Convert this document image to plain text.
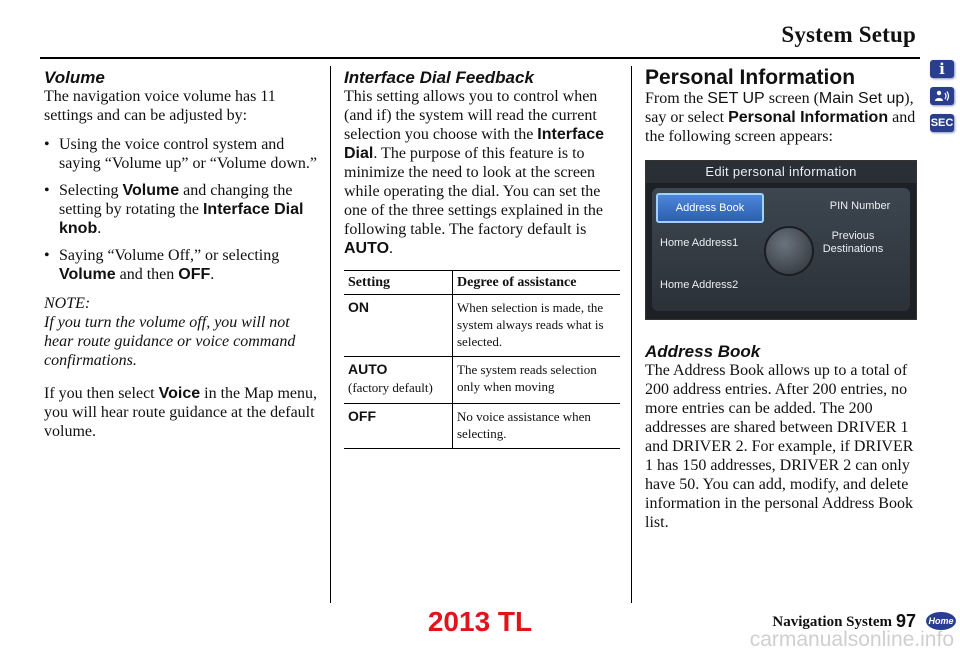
System Setup
i
SEC
Volume

The navigation voice volume has 11 settings and can be adjusted by:

• Using the voice control system and saying “Volume up” or “Volume down.”
• Selecting Volume and changing the setting by rotating the Interface Dial knob.
• Saying “Volume Off,” or selecting Volume and then OFF.

NOTE:

If you turn the volume off, you will not hear route guidance or voice command confirmations.

If you then select Voice in the Map menu, you will hear route guidance at the default volume.

Interface Dial Feedback

This setting allows you to control when (and if) the system will read the current selection you choose with the Interface Dial. The purpose of this feature is to minimize the need to look at the screen while operating the dial. You can set the one of the three settings explained in the following table. The factory default is AUTO.

Setting	Degree of assistance
ON	When selection is made, the system always reads what is selected.
AUTO
(factory default)	The system reads selection only when moving
OFF	No voice assistance when selecting.
Personal Information

From the SET UP screen (Main Set up), say or select Personal Information and the following screen appears:

Edit personal information
Address Book	PIN Number
Home Address1
Previous Destinations
Home Address2
Address Book

The Address Book allows up to a total of 200 address entries. After 200 entries, no more entries can be added. The 200 addresses are shared between DRIVER 1 and DRIVER 2. For example, if DRIVER 1 has 150 addresses, DRIVER 2 can only have 50. You can add, modify, and delete information in the personal Address Book list.

Navigation System 97 Home
2013 TL
carmanualsonline.info
